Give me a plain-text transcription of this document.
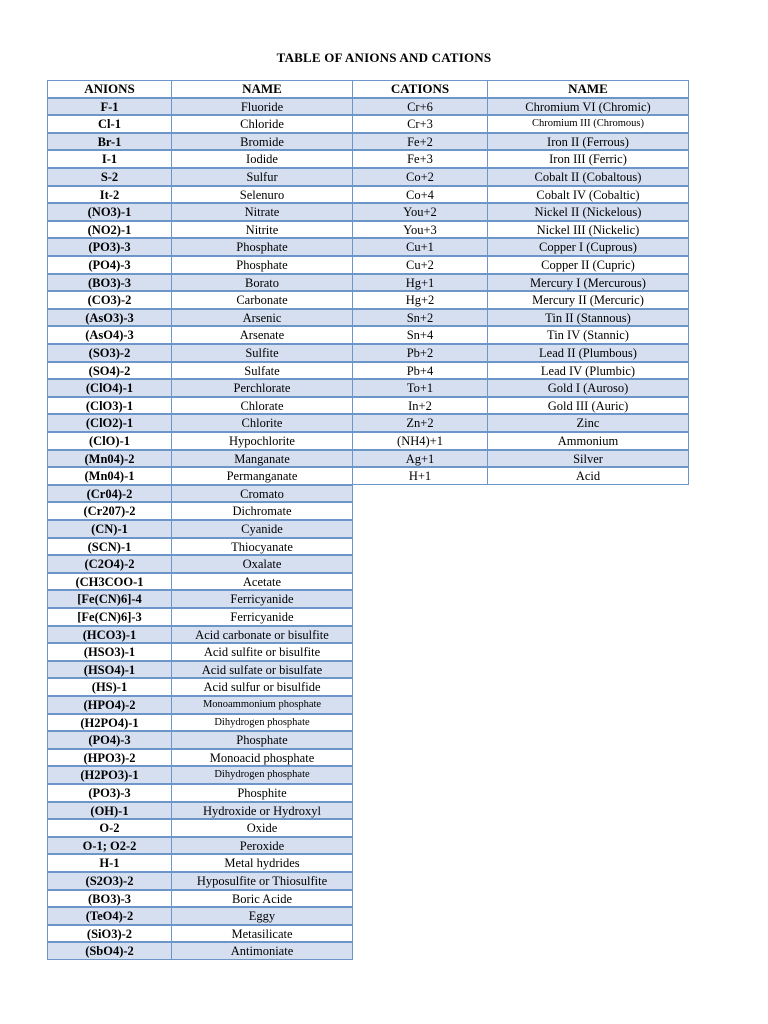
TABLE OF ANIONS AND CATIONS
ANIONS	NAME	CATIONS	NAME
F-1	Fluoride	Cr+6	Chromium VI (Chromic)
Cl-1	Chloride	Cr+3	Chromium III (Chromous)
Br-1	Bromide	Fe+2	Iron II (Ferrous)
I-1	Iodide	Fe+3	Iron III (Ferric)
S-2	Sulfur	Co+2	Cobalt II (Cobaltous)
It-2	Selenuro	Co+4	Cobalt IV (Cobaltic)
(NO3)-1	Nitrate	You+2	Nickel II (Nickelous)
(NO2)-1	Nitrite	You+3	Nickel III (Nickelic)
(PO3)-3	Phosphate	Cu+1	Copper I (Cuprous)
(PO4)-3	Phosphate	Cu+2	Copper II (Cupric)
(BO3)-3	Borato	Hg+1	Mercury I (Mercurous)
(CO3)-2	Carbonate	Hg+2	Mercury II (Mercuric)
(AsO3)-3	Arsenic	Sn+2	Tin II (Stannous)
(AsO4)-3	Arsenate	Sn+4	Tin IV (Stannic)
(SO3)-2	Sulfite	Pb+2	Lead II (Plumbous)
(SO4)-2	Sulfate	Pb+4	Lead IV (Plumbic)
(ClO4)-1	Perchlorate	To+1	Gold I (Auroso)
(ClO3)-1	Chlorate	In+2	Gold III (Auric)
(ClO2)-1	Chlorite	Zn+2	Zinc
(ClO)-1	Hypochlorite	(NH4)+1	Ammonium
(Mn04)-2	Manganate	Ag+1	Silver
(Mn04)-1	Permanganate	H+1	Acid
(Cr04)-2	Cromato
(Cr207)-2	Dichromate
(CN)-1	Cyanide
(SCN)-1	Thiocyanate
(C2O4)-2	Oxalate
(CH3COO-1	Acetate
[Fe(CN)6]-4	Ferricyanide
[Fe(CN)6]-3	Ferricyanide
(HCO3)-1	Acid carbonate or bisulfite
(HSO3)-1	Acid sulfite or bisulfite
(HSO4)-1	Acid sulfate or bisulfate
(HS)-1	Acid sulfur or bisulfide
(HPO4)-2	Monoammonium phosphate
(H2PO4)-1	Dihydrogen phosphate
(PO4)-3	Phosphate
(HPO3)-2	Monoacid phosphate
(H2PO3)-1	Dihydrogen phosphate
(PO3)-3	Phosphite
(OH)-1	Hydroxide or Hydroxyl
O-2	Oxide
O-1; O2-2	Peroxide
H-1	Metal hydrides
(S2O3)-2	Hyposulfite or Thiosulfite
(BO3)-3	Boric Acide
(TeO4)-2	Eggy
(SiO3)-2	Metasilicate
(SbO4)-2	Antimoniate
